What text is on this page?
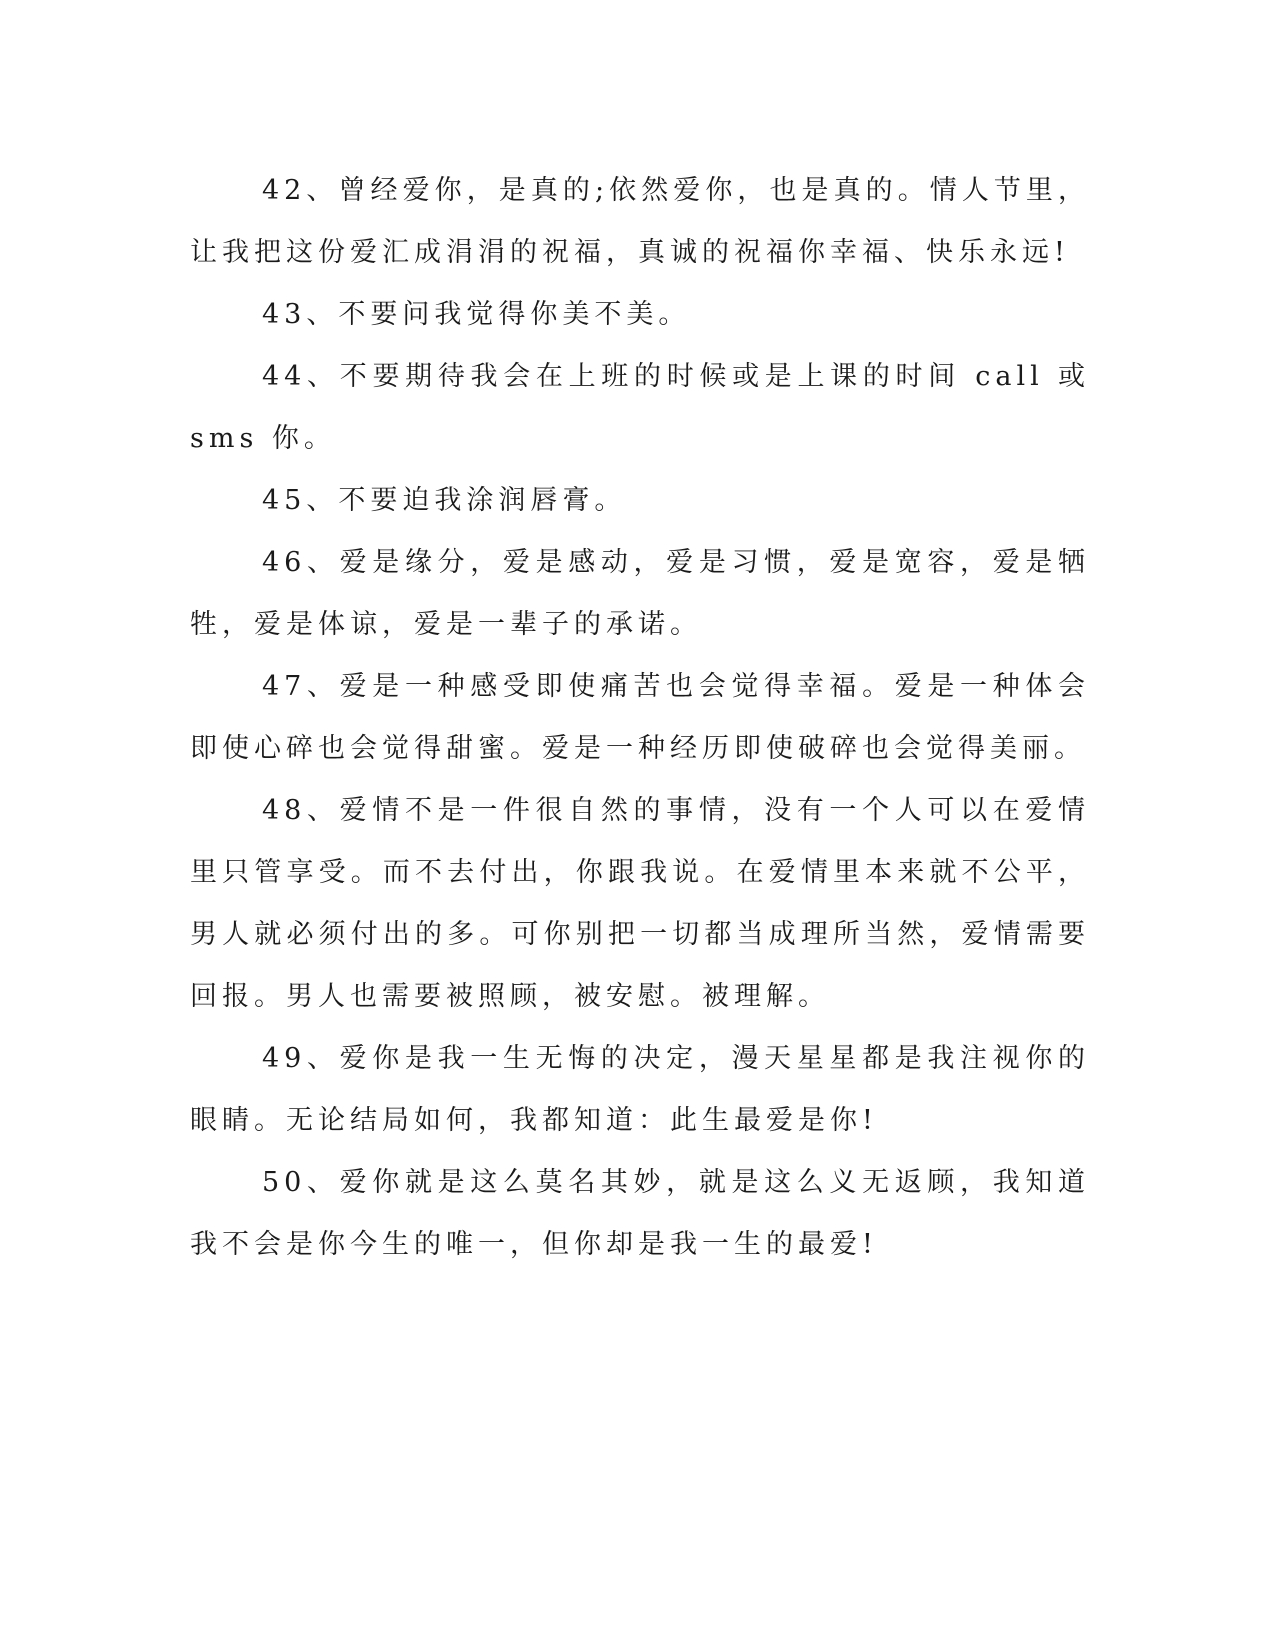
42、曾经爱你，是真的;依然爱你，也是真的。情人节里，让我把这份爱汇成涓涓的祝福，真诚的祝福你幸福、快乐永远!

43、不要问我觉得你美不美。

44、不要期待我会在上班的时候或是上课的时间 call 或 sms 你。

45、不要迫我涂润唇膏。

46、爱是缘分，爱是感动，爱是习惯，爱是宽容，爱是牺牲，爱是体谅，爱是一辈子的承诺。

47、爱是一种感受即使痛苦也会觉得幸福。爱是一种体会即使心碎也会觉得甜蜜。爱是一种经历即使破碎也会觉得美丽。

48、爱情不是一件很自然的事情，没有一个人可以在爱情里只管享受。而不去付出，你跟我说。在爱情里本来就不公平，男人就必须付出的多。可你别把一切都当成理所当然，爱情需要回报。男人也需要被照顾，被安慰。被理解。

49、爱你是我一生无悔的决定，漫天星星都是我注视你的眼睛。无论结局如何，我都知道：此生最爱是你!

50、爱你就是这么莫名其妙，就是这么义无返顾，我知道我不会是你今生的唯一，但你却是我一生的最爱!
